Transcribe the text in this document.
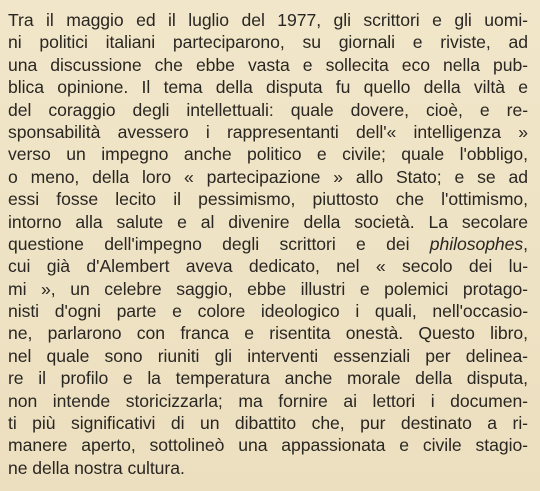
Tra il maggio ed il luglio del 1977, gli scrittori e gli uomi-
ni politici italiani parteciparono, su giornali e riviste, ad
una discussione che ebbe vasta e sollecita eco nella pub-
blica opinione. Il tema della disputa fu quello della viltà e
del coraggio degli intellettuali: quale dovere, cioè, e re-
sponsabilità avessero i rappresentanti dell'« intelligenza »
verso un impegno anche politico e civile; quale l'obbligo,
o meno, della loro « partecipazione » allo Stato; e se ad
essi fosse lecito il pessimismo, piuttosto che l'ottimismo,
intorno alla salute e al divenire della società. La secolare
questione dell'impegno degli scrittori e dei philosophes,
cui già d'Alembert aveva dedicato, nel « secolo dei lu-
mi », un celebre saggio, ebbe illustri e polemici protago-
nisti d'ogni parte e colore ideologico i quali, nell'occasio-
ne, parlarono con franca e risentita onestà. Questo libro,
nel quale sono riuniti gli interventi essenziali per delinea-
re il profilo e la temperatura anche morale della disputa,
non intende storicizzarla; ma fornire ai lettori i documen-
ti più significativi di un dibattito che, pur destinato a ri-
manere aperto, sottolineò una appassionata e civile stagio-
ne della nostra cultura.
